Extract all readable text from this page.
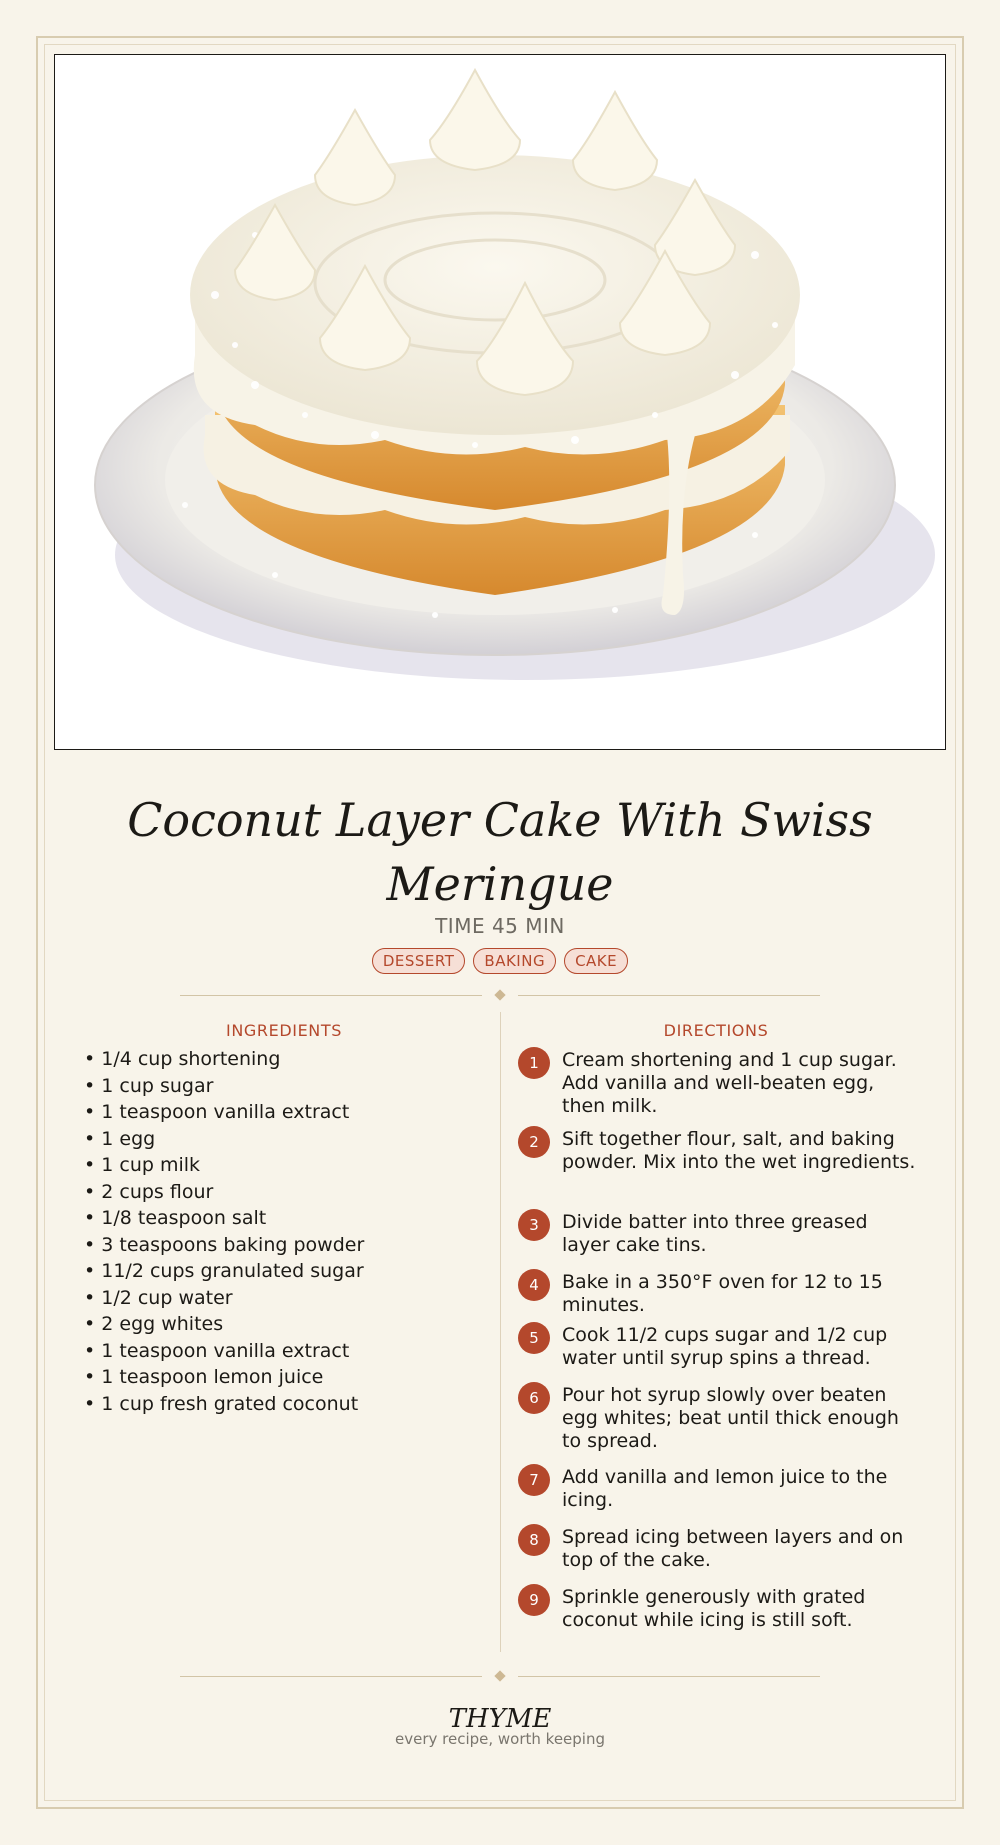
Coconut Layer Cake With Swiss Meringue
TIME 45 MIN
DESSERT	BAKING	CAKE
INGREDIENTS	DIRECTIONS
• 1/4 cup shortening
• 1 cup sugar
• 1 teaspoon vanilla extract
• 1 egg
• 1 cup milk
• 2 cups flour
• 1/8 teaspoon salt
• 3 teaspoons baking powder
• 11/2 cups granulated sugar
• 1/2 cup water
• 2 egg whites
• 1 teaspoon vanilla extract
• 1 teaspoon lemon juice
• 1 cup fresh grated coconut
1	Cream shortening and 1 cup sugar. Add vanilla and well-beaten egg, then milk.
2	Sift together flour, salt, and baking powder. Mix into the wet ingredients.
3	Divide batter into three greased layer cake tins.
4	Bake in a 350°F oven for 12 to 15 minutes.
5	Cook 11/2 cups sugar and 1/2 cup water until syrup spins a thread.
6	Pour hot syrup slowly over beaten egg whites; beat until thick enough to spread.
7	Add vanilla and lemon juice to the icing.
8	Spread icing between layers and on top of the cake.
9	Sprinkle generously with grated coconut while icing is still soft.
THYME
every recipe, worth keeping
